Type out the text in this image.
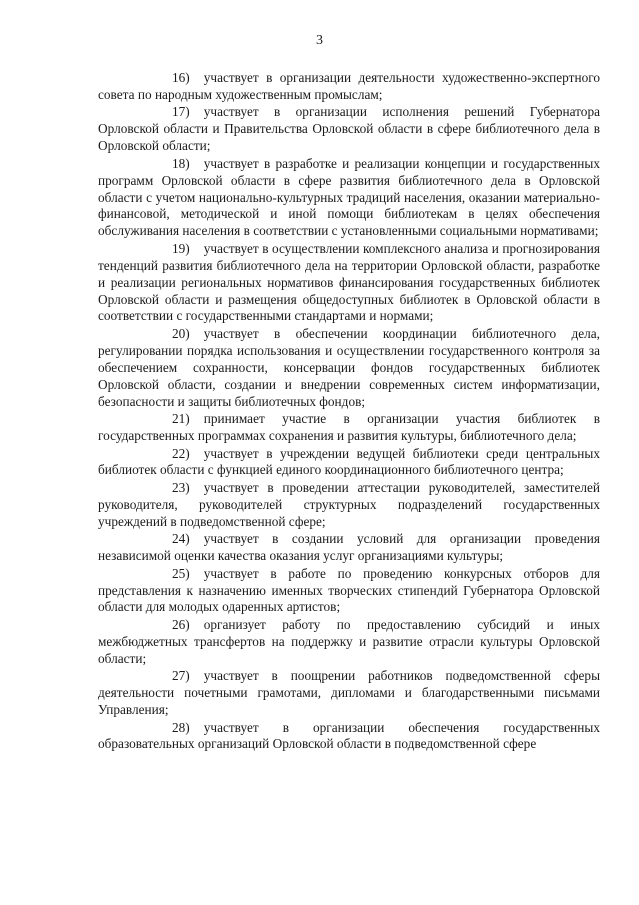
3

16) участвует в организации деятельности художественно-экспертного совета по народным художественным промыслам;

17) участвует в организации исполнения решений Губернатора Орловской области и Правительства Орловской области в сфере библиотечного дела в Орловской области;

18) участвует в разработке и реализации концепции и государственных программ Орловской области в сфере развития библиотечного дела в Орловской области с учетом национально-культурных традиций населения, оказании материально-финансовой, методической и иной помощи библиотекам в целях обеспечения обслуживания населения в соответствии с установленными социальными нормативами;

19) участвует в осуществлении комплексного анализа и прогнозирования тенденций развития библиотечного дела на территории Орловской области, разработке и реализации региональных нормативов финансирования государственных библиотек Орловской области и размещения общедоступных библиотек в Орловской области в соответствии с государственными стандартами и нормами;

20) участвует в обеспечении координации библиотечного дела, регулировании порядка использования и осуществлении государственного контроля за обеспечением сохранности, консервации фондов государственных библиотек Орловской области, создании и внедрении современных систем информатизации, безопасности и защиты библиотечных фондов;

21) принимает участие в организации участия библиотек в государственных программах сохранения и развития культуры, библиотечного дела;

22) участвует в учреждении ведущей библиотеки среди центральных библиотек области с функцией единого координационного библиотечного центра;

23) участвует в проведении аттестации руководителей, заместителей руководителя, руководителей структурных подразделений государственных учреждений в подведомственной сфере;

24) участвует в создании условий для организации проведения независимой оценки качества оказания услуг организациями культуры;

25) участвует в работе по проведению конкурсных отборов для представления к назначению именных творческих стипендий Губернатора Орловской области для молодых одаренных артистов;

26) организует работу по предоставлению субсидий и иных межбюджетных трансфертов на поддержку и развитие отрасли культуры Орловской области;

27) участвует в поощрении работников подведомственной сферы деятельности почетными грамотами, дипломами и благодарственными письмами Управления;

28) участвует в организации обеспечения государственных образовательных организаций Орловской области в подведомственной сфере
